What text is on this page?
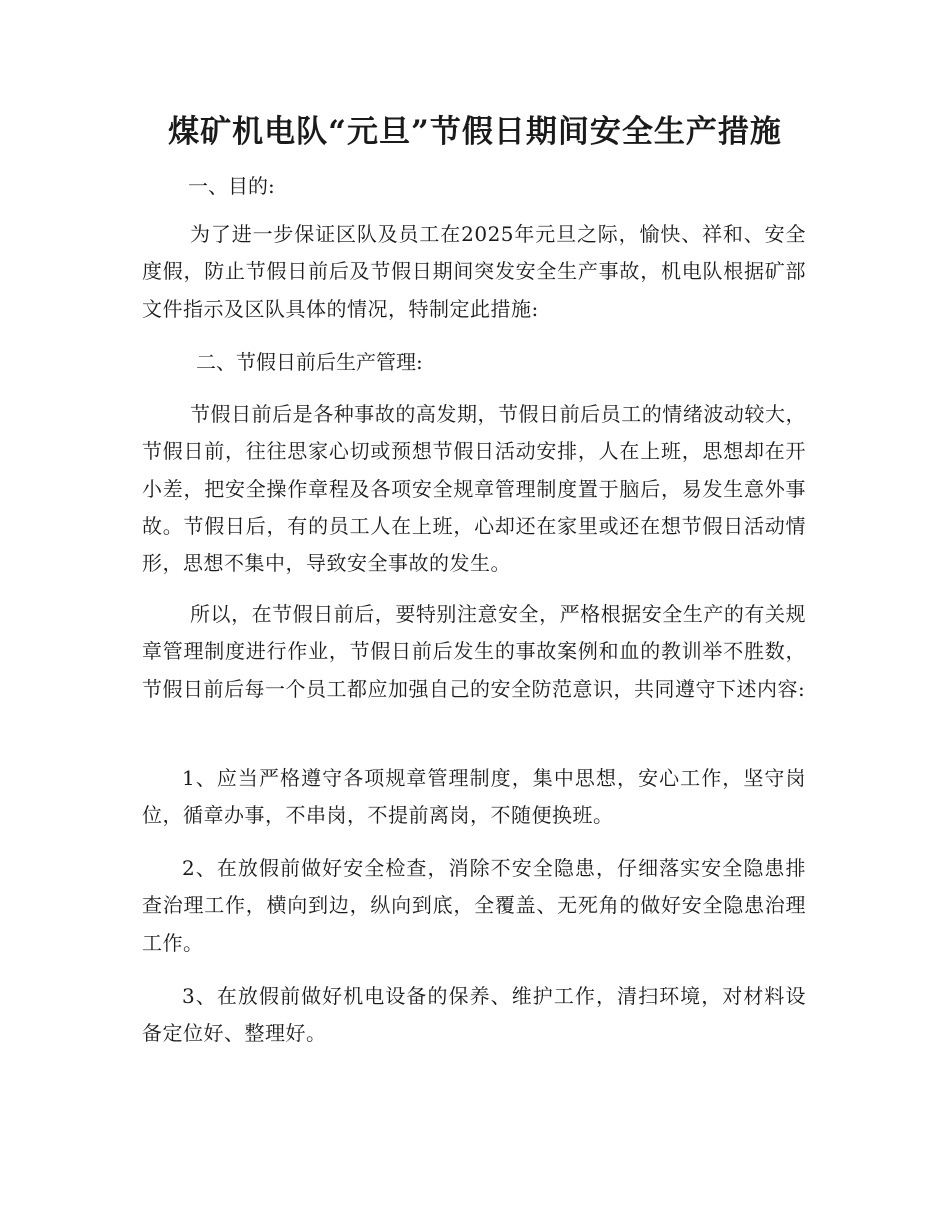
煤矿机电队“元旦”节假日期间安全生产措施

一、目的:

为了进一步保证区队及员工在2025年元旦之际，愉快、祥和、安全度假，防止节假日前后及节假日期间突发安全生产事故，机电队根据矿部文件指示及区队具体的情况，特制定此措施:

二、节假日前后生产管理:

节假日前后是各种事故的高发期，节假日前后员工的情绪波动较大，节假日前，往往思家心切或预想节假日活动安排，人在上班，思想却在开小差，把安全操作章程及各项安全规章管理制度置于脑后，易发生意外事故。节假日后，有的员工人在上班，心却还在家里或还在想节假日活动情形，思想不集中，导致安全事故的发生。

所以，在节假日前后，要特别注意安全，严格根据安全生产的有关规章管理制度进行作业，节假日前后发生的事故案例和血的教训举不胜数，节假日前后每一个员工都应加强自己的安全防范意识，共同遵守下述内容:

1、应当严格遵守各项规章管理制度，集中思想，安心工作，坚守岗位，循章办事，不串岗，不提前离岗，不随便换班。

2、在放假前做好安全检查，消除不安全隐患，仔细落实安全隐患排查治理工作，横向到边，纵向到底，全覆盖、无死角的做好安全隐患治理工作。

3、在放假前做好机电设备的保养、维护工作，清扫环境，对材料设备定位好、整理好。
